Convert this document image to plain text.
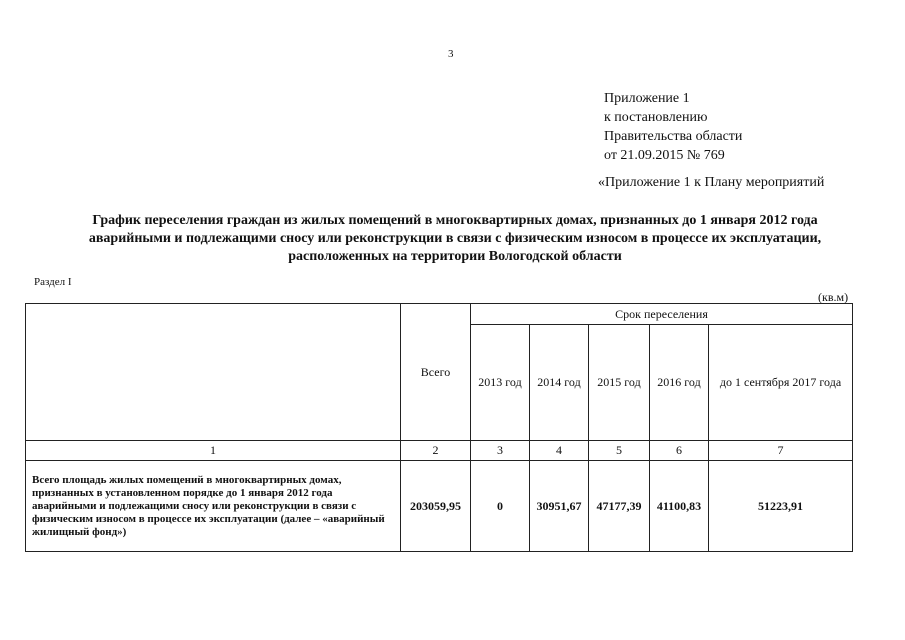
3
Приложение 1
к постановлению
Правительства области
от 21.09.2015 № 769
«Приложение 1 к Плану мероприятий
График переселения граждан из жилых помещений в многоквартирных домах, признанных до 1 января 2012 года
аварийными и подлежащими сносу или реконструкции в связи с физическим износом в процессе их эксплуатации,
расположенных на территории Вологодской области
Раздел I
(кв.м)
	Всего	Срок переселения				
		2013 год	2014 год	2015 год	2016 год	до 1 сентября 2017 года
1	2	3	4	5	6	7
Всего площадь жилых помещений в многоквартирных домах, признанных в установленном порядке до 1 января 2012 года аварийными и подлежащими сносу или реконструкции в связи с физическим износом в процессе их эксплуатации (далее – «аварийный жилищный фонд»)	203059,95	0	30951,67	47177,39	41100,83	51223,91
